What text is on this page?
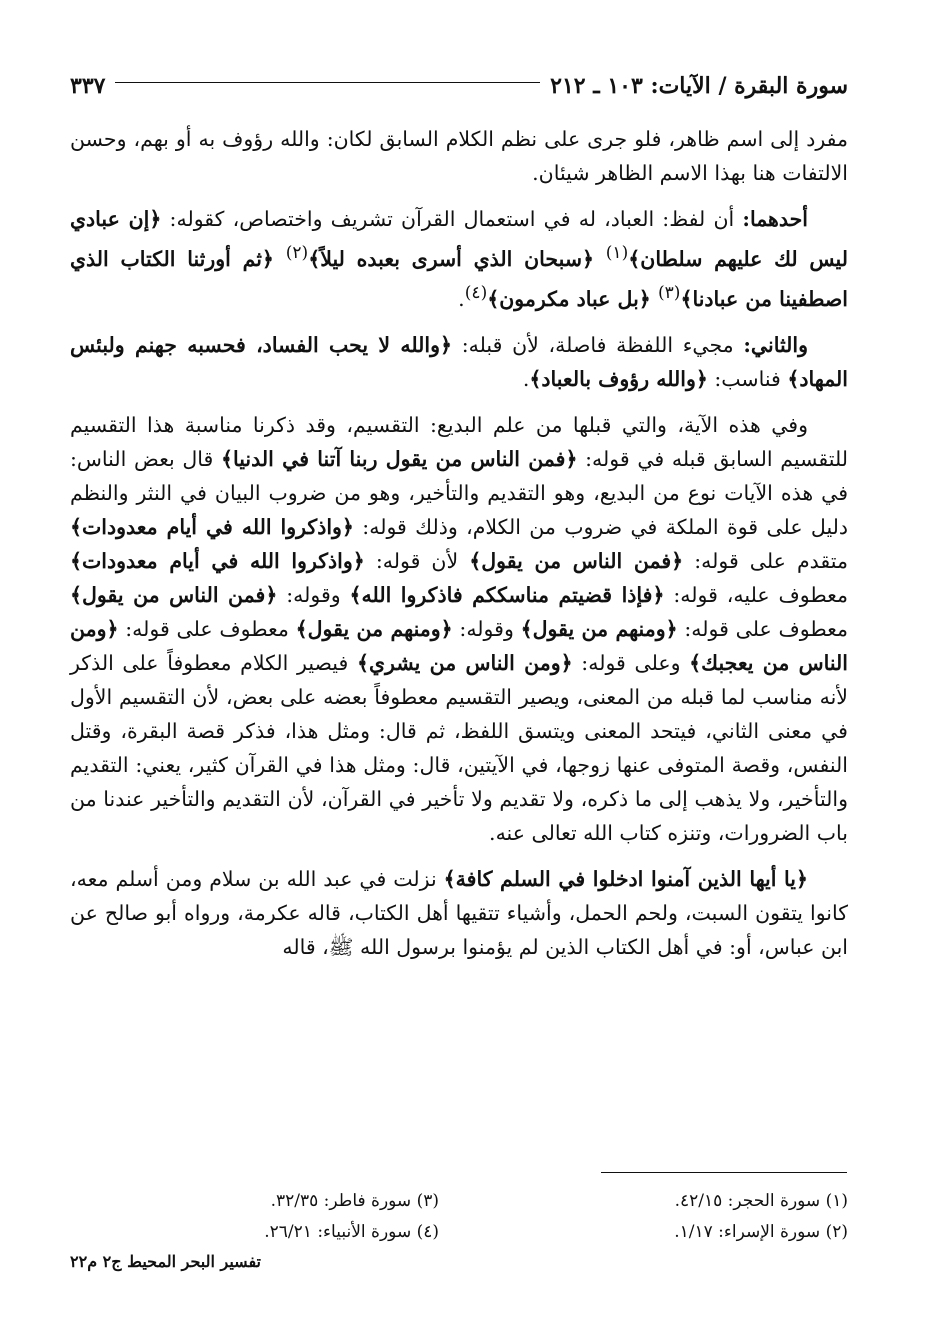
سورة البقرة / الآيات: ١٠٣ ـ ٢١٢
٣٣٧

مفرد إلى اسم ظاهر، فلو جرى على نظم الكلام السابق لكان: والله رؤوف به أو بهم، وحسن الالتفات هنا بهذا الاسم الظاهر شيئان.

أحدهما: أن لفظ: العباد، له في استعمال القرآن تشريف واختصاص، كقوله: ﴿إن عبادي ليس لك عليهم سلطان﴾$^{(١)}$ ﴿سبحان الذي أسرى بعبده ليلاً﴾$^{(٢)}$ ﴿ثم أورثنا الكتاب الذي اصطفينا من عبادنا﴾$^{(٣)}$ ﴿بل عباد مكرمون﴾$^{(٤)}$.

والثاني: مجيء اللفظة فاصلة، لأن قبله: ﴿والله لا يحب الفساد، فحسبه جهنم ولبئس المهاد﴾ فناسب: ﴿والله رؤوف بالعباد﴾.

وفي هذه الآية، والتي قبلها من علم البديع: التقسيم، وقد ذكرنا مناسبة هذا التقسيم للتقسيم السابق قبله في قوله: ﴿فمن الناس من يقول ربنا آتنا في الدنيا﴾ قال بعض الناس: في هذه الآيات نوع من البديع، وهو التقديم والتأخير، وهو من ضروب البيان في النثر والنظم دليل على قوة الملكة في ضروب من الكلام، وذلك قوله: ﴿واذكروا الله في أيام معدودات﴾ متقدم على قوله: ﴿فمن الناس من يقول﴾ لأن قوله: ﴿واذكروا الله في أيام معدودات﴾ معطوف عليه، قوله: ﴿فإذا قضيتم مناسككم فاذكروا الله﴾ وقوله: ﴿فمن الناس من يقول﴾ معطوف على قوله: ﴿ومنهم من يقول﴾ وقوله: ﴿ومنهم من يقول﴾ معطوف على قوله: ﴿ومن الناس من يعجبك﴾ وعلى قوله: ﴿ومن الناس من يشري﴾ فيصير الكلام معطوفاً على الذكر لأنه مناسب لما قبله من المعنى، ويصير التقسيم معطوفاً بعضه على بعض، لأن التقسيم الأول في معنى الثاني، فيتحد المعنى ويتسق اللفظ، ثم قال: ومثل هذا، فذكر قصة البقرة، وقتل النفس، وقصة المتوفى عنها زوجها، في الآيتين، قال: ومثل هذا في القرآن كثير، يعني: التقديم والتأخير، ولا يذهب إلى ما ذكره، ولا تقديم ولا تأخير في القرآن، لأن التقديم والتأخير عندنا من باب الضرورات، وتنزه كتاب الله تعالى عنه.

﴿يا أيها الذين آمنوا ادخلوا في السلم كافة﴾ نزلت في عبد الله بن سلام ومن أسلم معه، كانوا يتقون السبت، ولحم الحمل، وأشياء تتقيها أهل الكتاب، قاله عكرمة، ورواه أبو صالح عن ابن عباس، أو: في أهل الكتاب الذين لم يؤمنوا برسول الله ﷺ، قاله

(١) سورة الحجر: ٤٢/١٥.
(٣) سورة فاطر: ٣٢/٣٥.
(٢) سورة الإسراء: ١/١٧.
(٤) سورة الأنبياء: ٢٦/٢١.
تفسير البحر المحيط ج٢ م٢٢
